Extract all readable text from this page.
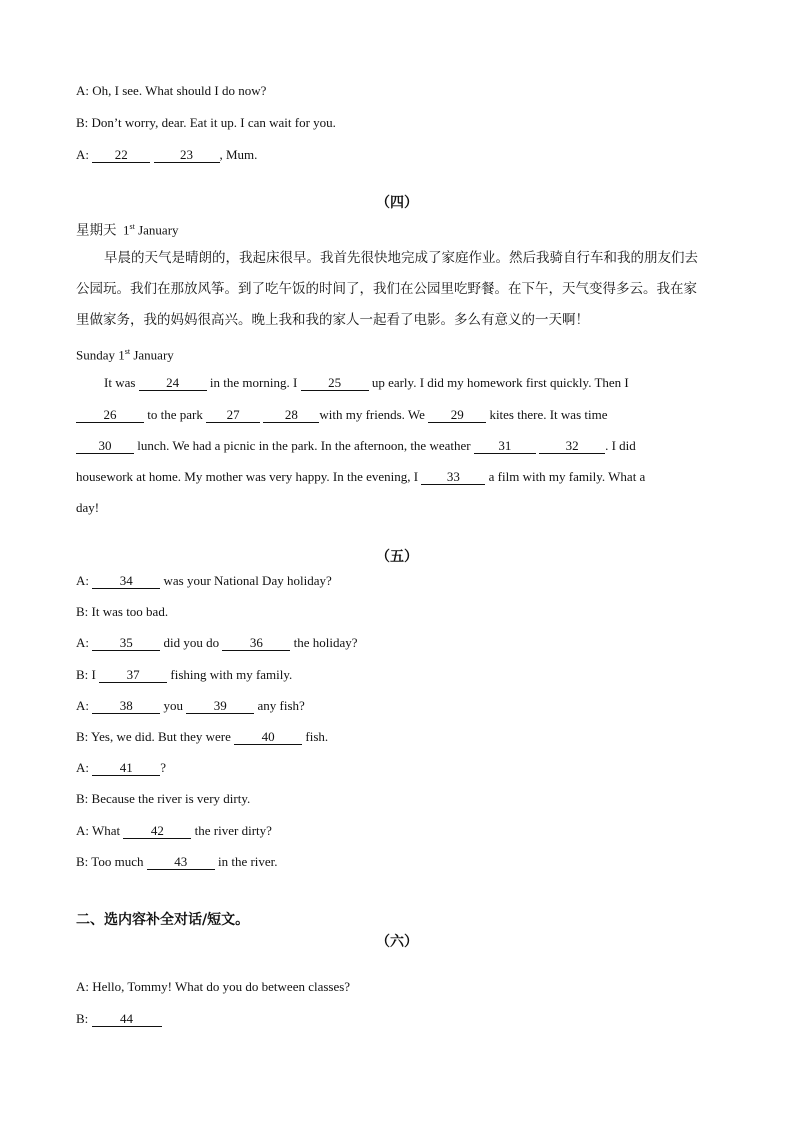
A: Oh, I see. What should I do now?
B: Don’t worry, dear. Eat it up. I can wait for you.
A: 22	23 , Mum.
（四）
星期天 1st January
早晨的天气是晴朗的，我起床很早。我首先很快地完成了家庭作业。然后我骑自行车和我的朋友们去
公园玩。我们在那放风筝。到了吃午饭的时间了，我们在公园里吃野餐。在下午，天气变得多云。我在家
里做家务，我的妈妈很高兴。晚上我和我的家人一起看了电影。多么有意义的一天啊！
Sunday 1st January
It was 24 in the morning. I 25 up early. I did my homework first quickly. Then I
26 to the park 27	28 with my friends. We 29 kites there. It was time
30 lunch. We had a picnic in the park. In the afternoon, the weather 31	32 . I did
housework at home. My mother was very happy. In the evening, I 33 a film with my family. What a
day!
（五）
A: 34 was your National Day holiday?
B: It was too bad.
A: 35 did you do 36 the holiday?
B: I 37 fishing with my family.
A: 38 you 39 any fish?
B: Yes, we did. But they were 40 fish.
A: 41 ?
B: Because the river is very dirty.
A: What 42 the river dirty?
B: Too much 43 in the river.
二、选内容补全对话/短文。
（六）
A: Hello, Tommy! What do you do between classes?
B: 44
